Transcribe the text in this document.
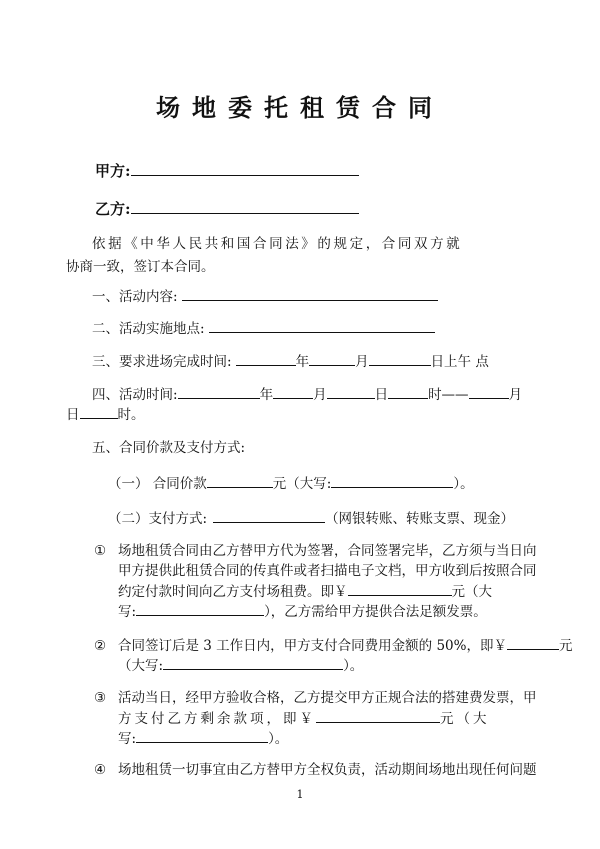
场地委托租赁合同
甲方:
乙方:
依据《中华人民共和国合同法》的规定，合同双方就
协商一致，签订本合同。
一、活动内容:
二、活动实施地点:
三、要求进场完成时间:	年	月	日上午 点
四、活动时间:	年	月	日	时——	月
日	时。
五、合同价款及支付方式:
（一） 合同价款	元（大写:	）。
（二）支付方式:	（网银转账、转账支票、现金）
① 场地租赁合同由乙方替甲方代为签署，合同签署完毕，乙方须与当日向
甲方提供此租赁合同的传真件或者扫描电子文档，甲方收到后按照合同
约定付款时间向乙方支付场租费。即￥	元（大
写:	），乙方需给甲方提供合法足额发票。
② 合同签订后是 3 工作日内，甲方支付合同费用金额的 50%，即￥	元
（大写:	）。
③ 活动当日，经甲方验收合格，乙方提交甲方正规合法的搭建费发票，甲
方支付乙方剩余款项，即￥	元（大
写:	）。
④ 场地租赁一切事宜由乙方替甲方全权负责，活动期间场地出现任何问题
1
